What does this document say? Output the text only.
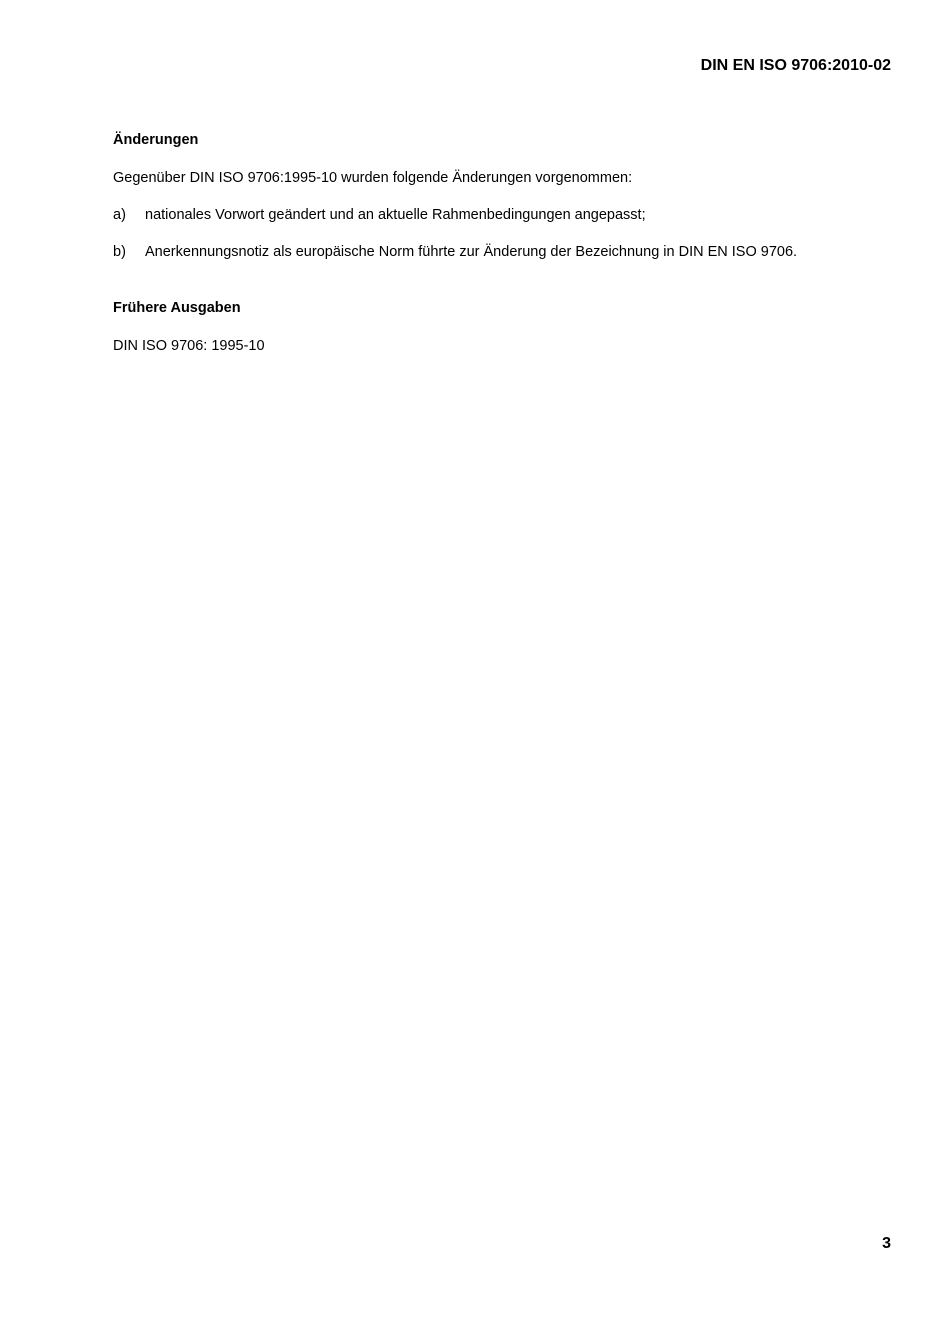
DIN EN ISO 9706:2010-02

Änderungen

Gegenüber DIN ISO 9706:1995-10 wurden folgende Änderungen vorgenommen:

a)	nationales Vorwort geändert und an aktuelle Rahmenbedingungen angepasst;
b)	Anerkennungsnotiz als europäische Norm führte zur Änderung der Bezeichnung in DIN EN ISO 9706.

Frühere Ausgaben

DIN ISO 9706: 1995-10

3
